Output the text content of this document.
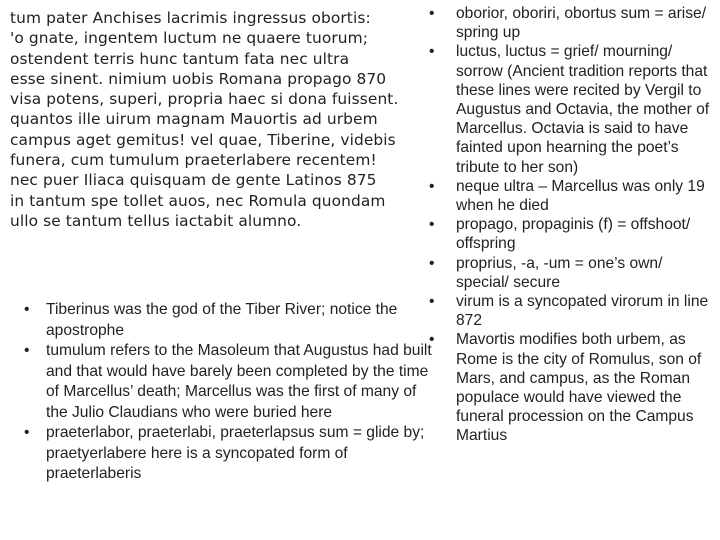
tum pater Anchises lacrimis ingressus obortis:
'o gnate, ingentem luctum ne quaere tuorum;
ostendent terris hunc tantum fata nec ultra
esse sinent. nimium uobis Romana propago 870
visa potens, superi, propria haec si dona fuissent.
quantos ille uirum magnam Mauortis ad urbem
campus aget gemitus! vel quae, Tiberine, videbis
funera, cum tumulum praeterlabere recentem!
nec puer Iliaca quisquam de gente Latinos 875
in tantum spe tollet auos, nec Romula quondam
ullo se tantum tellus iactabit alumno.
• Tiberinus was the god of the Tiber River; notice the apostrophe
• tumulum refers to the Masoleum that Augustus had built and that would have barely been completed by the time of Marcellus’ death; Marcellus was the first of many of the Julio Claudians who were buried here
• praeterlabor, praeterlabi, praeterlapsus sum = glide by; praetyerlabere here is a syncopated form of praeterlaberis
• oborior, oboriri, obortus sum = arise/ spring up
• luctus, luctus = grief/ mourning/ sorrow (Ancient tradition reports that these lines were recited by Vergil to Augustus and Octavia, the mother of Marcellus. Octavia is said to have fainted upon hearning the poet’s tribute to her son)
• neque ultra – Marcellus was only 19 when he died
• propago, propaginis (f) = offshoot/ offspring
• proprius, -a, -um = one’s own/ special/ secure
• virum is a syncopated virorum in line 872
• Mavortis modifies both urbem, as Rome is the city of Romulus, son of Mars, and campus, as the Roman populace would have viewed the funeral procession on the Campus Martius
